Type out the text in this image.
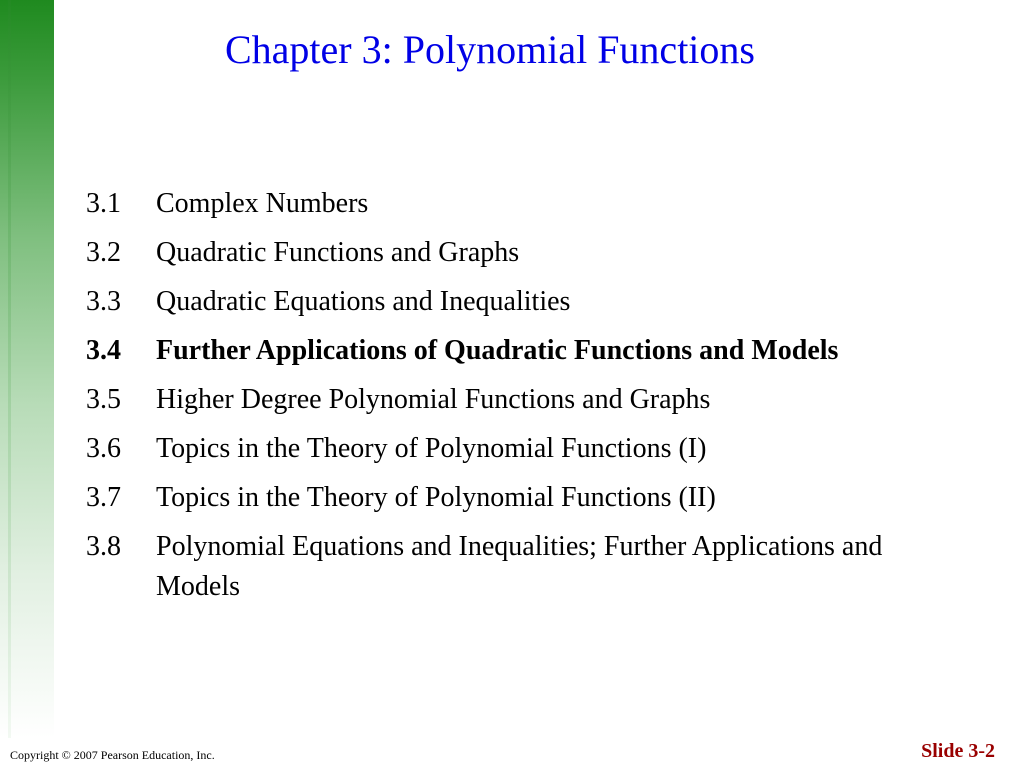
Chapter 3: Polynomial Functions
3.1	Complex Numbers
3.2	Quadratic Functions and Graphs
3.3	Quadratic Equations and Inequalities
3.4	Further Applications of Quadratic Functions and Models
3.5	Higher Degree Polynomial Functions and Graphs
3.6	Topics in the Theory of Polynomial Functions (I)
3.7	Topics in the Theory of Polynomial Functions (II)
3.8	Polynomial Equations and Inequalities; Further Applications and Models
Copyright © 2007 Pearson Education, Inc.	Slide 3-2
